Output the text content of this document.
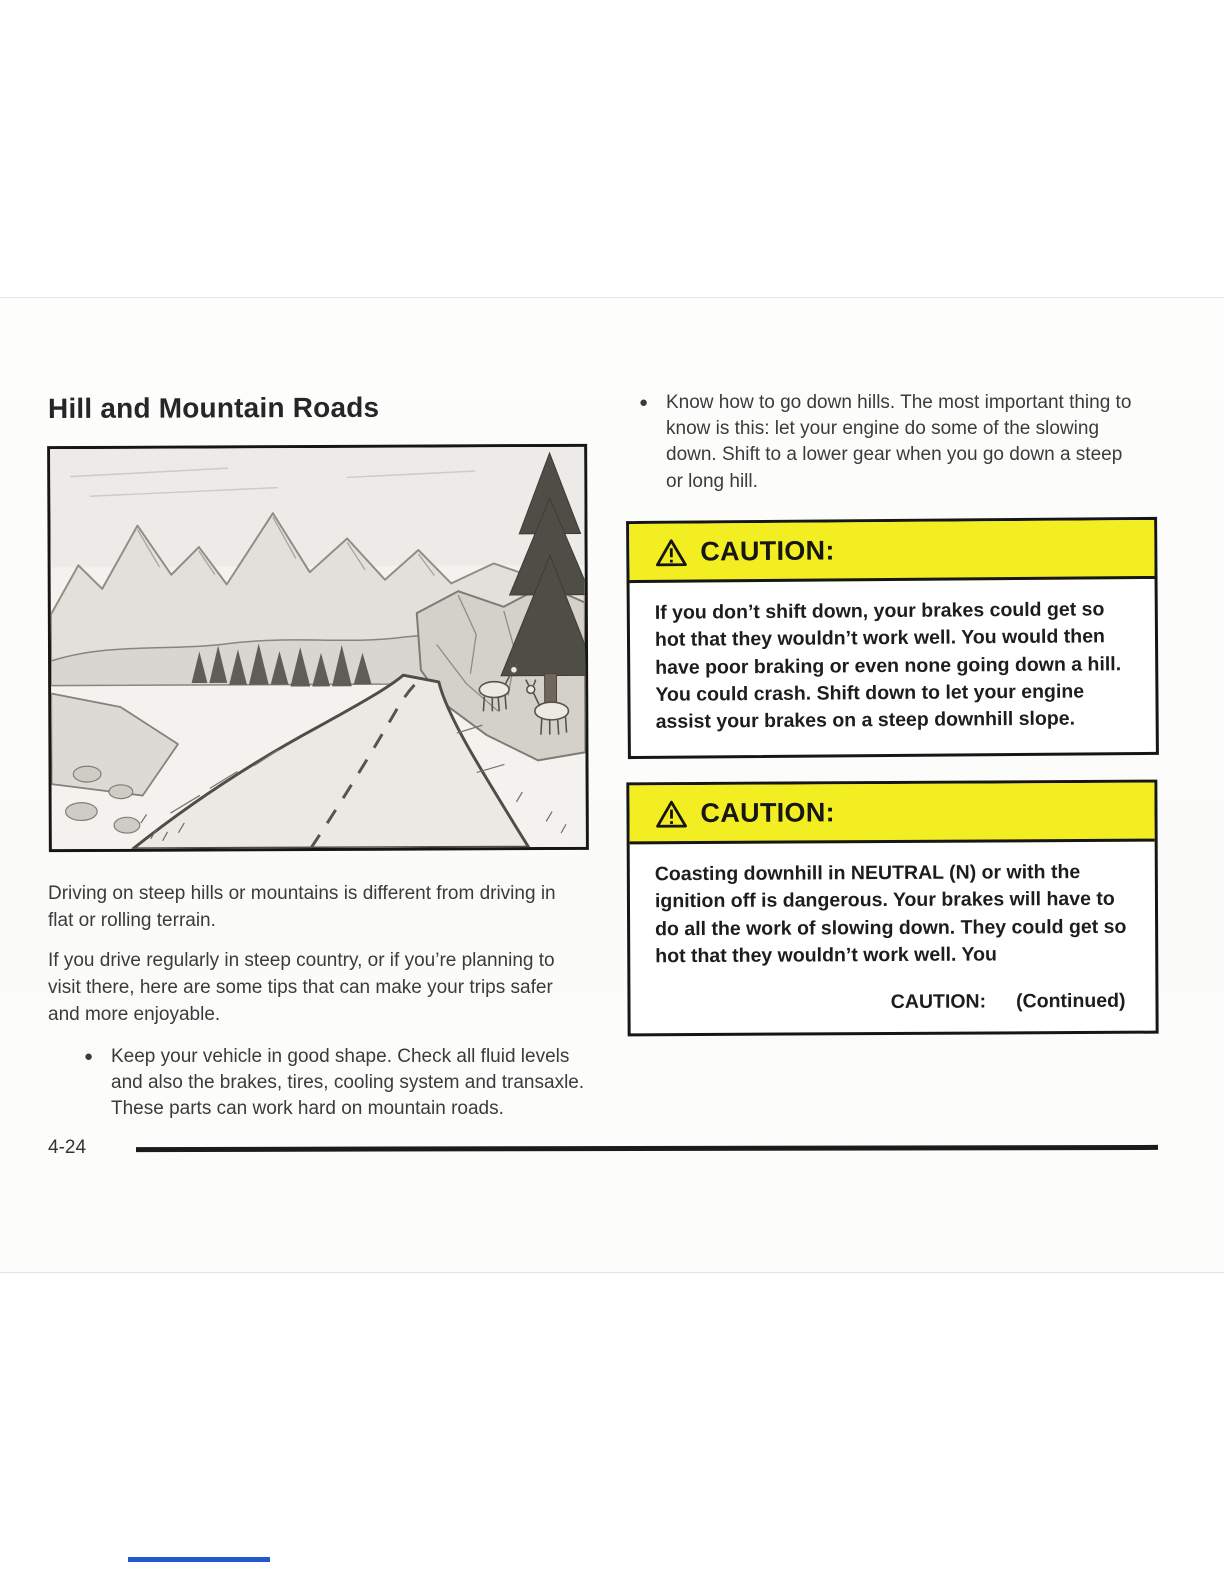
Hill and Mountain Roads

Driving on steep hills or mountains is different from driving in flat or rolling terrain.

If you drive regularly in steep country, or if you’re planning to visit there, here are some tips that can make your trips safer and more enjoyable.

● Keep your vehicle in good shape. Check all fluid levels and also the brakes, tires, cooling system and transaxle. These parts can work hard on mountain roads.
● Know how to go down hills. The most important thing to know is this: let your engine do some of the slowing down. Shift to a lower gear when you go down a steep or long hill.
CAUTION:
If you don’t shift down, your brakes could get so hot that they wouldn’t work well. You would then have poor braking or even none going down a hill. You could crash. Shift down to let your engine assist your brakes on a steep downhill slope.
CAUTION:
Coasting downhill in NEUTRAL (N) or with the ignition off is dangerous. Your brakes will have to do all the work of slowing down. They could get so hot that they wouldn’t work well. You
CAUTION: (Continued)
4-24
